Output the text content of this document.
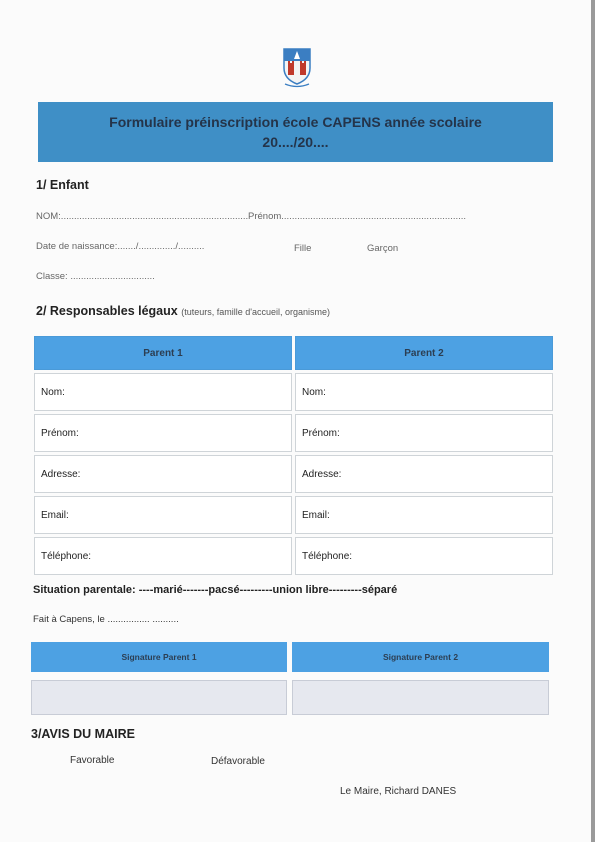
Formulaire préinscription école CAPENS année scolaire
20..../20....
1/ Enfant
NOM:....................................................................... Prénom......................................................................
Date de naissance:......./............../..........	Fille	Garçon
Classe: ................................
2/ Responsables légaux (tuteurs, famille d'accueil, organisme)
Parent 1	Parent 2
Nom:	Nom:
Prénom:	Prénom:
Adresse:	Adresse:
Email:	Email:
Téléphone:	Téléphone:
Situation parentale: ----marié-------pacsé---------union libre---------séparé
Fait à Capens, le ................ ..........
Signature Parent 1	Signature Parent 2
3/AVIS DU MAIRE
Favorable	Défavorable
Le Maire, Richard DANES
